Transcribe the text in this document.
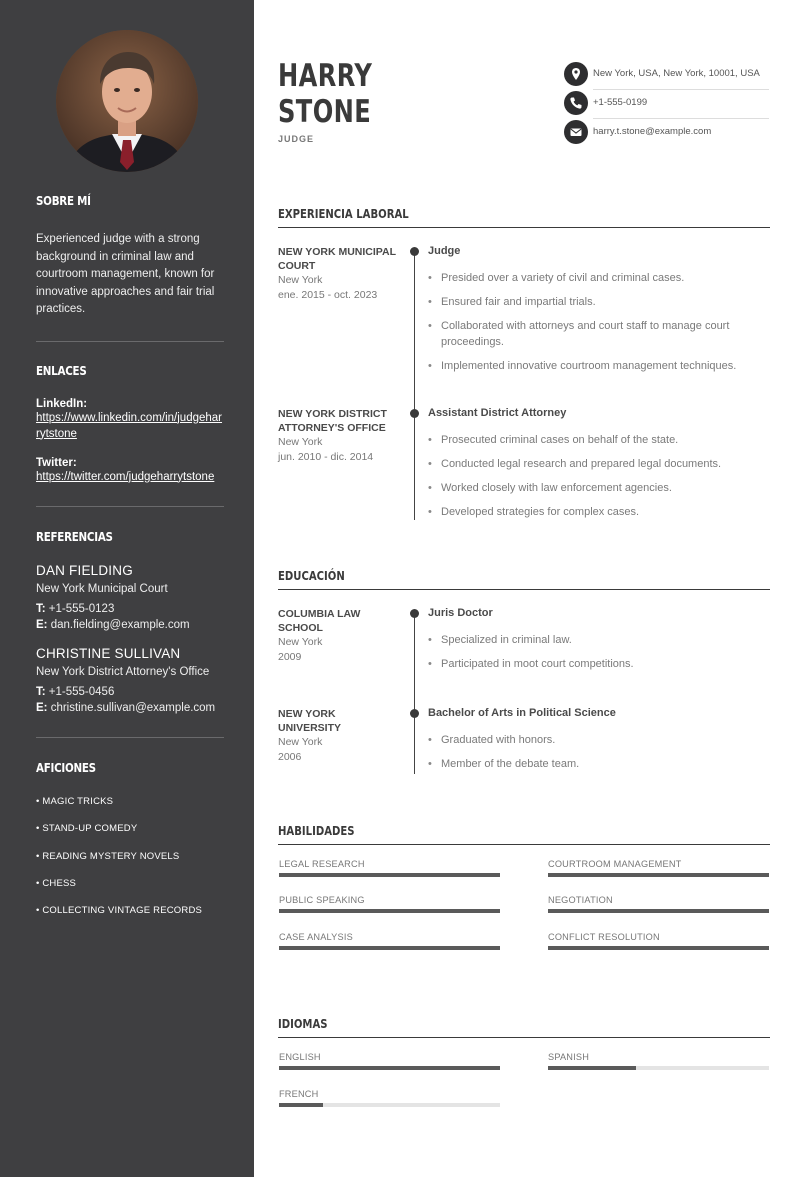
SOBRE MÍ
Experienced judge with a strong background in criminal law and courtroom management, known for innovative approaches and fair trial practices.
ENLACES
LinkedIn:
https://www.linkedin.com/in/judgeharrytstone
Twitter:
https://twitter.com/judgeharrytstone
REFERENCIAS
DAN FIELDING
New York Municipal Court
T: +1-555-0123
E: dan.fielding@example.com
CHRISTINE SULLIVAN
New York District Attorney's Office
T: +1-555-0456
E: christine.sullivan@example.com
AFICIONES
• MAGIC TRICKS
• STAND-UP COMEDY
• READING MYSTERY NOVELS
• CHESS
• COLLECTING VINTAGE RECORDS
HARRY
STONE
JUDGE
New York, USA, New York, 10001, USA
+1-555-0199
harry.t.stone@example.com
EXPERIENCIA LABORAL
NEW YORK MUNICIPAL COURT
New York
ene. 2015 - oct. 2023
Judge
• Presided over a variety of civil and criminal cases.
• Ensured fair and impartial trials.
• Collaborated with attorneys and court staff to manage court proceedings.
• Implemented innovative courtroom management techniques.
NEW YORK DISTRICT ATTORNEY'S OFFICE
New York
jun. 2010 - dic. 2014
Assistant District Attorney
• Prosecuted criminal cases on behalf of the state.
• Conducted legal research and prepared legal documents.
• Worked closely with law enforcement agencies.
• Developed strategies for complex cases.
EDUCACIÓN
COLUMBIA LAW SCHOOL
New York
2009
Juris Doctor
• Specialized in criminal law.
• Participated in moot court competitions.
NEW YORK UNIVERSITY
New York
2006
Bachelor of Arts in Political Science
• Graduated with honors.
• Member of the debate team.
HABILIDADES
LEGAL RESEARCH	COURTROOM MANAGEMENT
PUBLIC SPEAKING	NEGOTIATION
CASE ANALYSIS	CONFLICT RESOLUTION
IDIOMAS
ENGLISH	SPANISH
FRENCH
